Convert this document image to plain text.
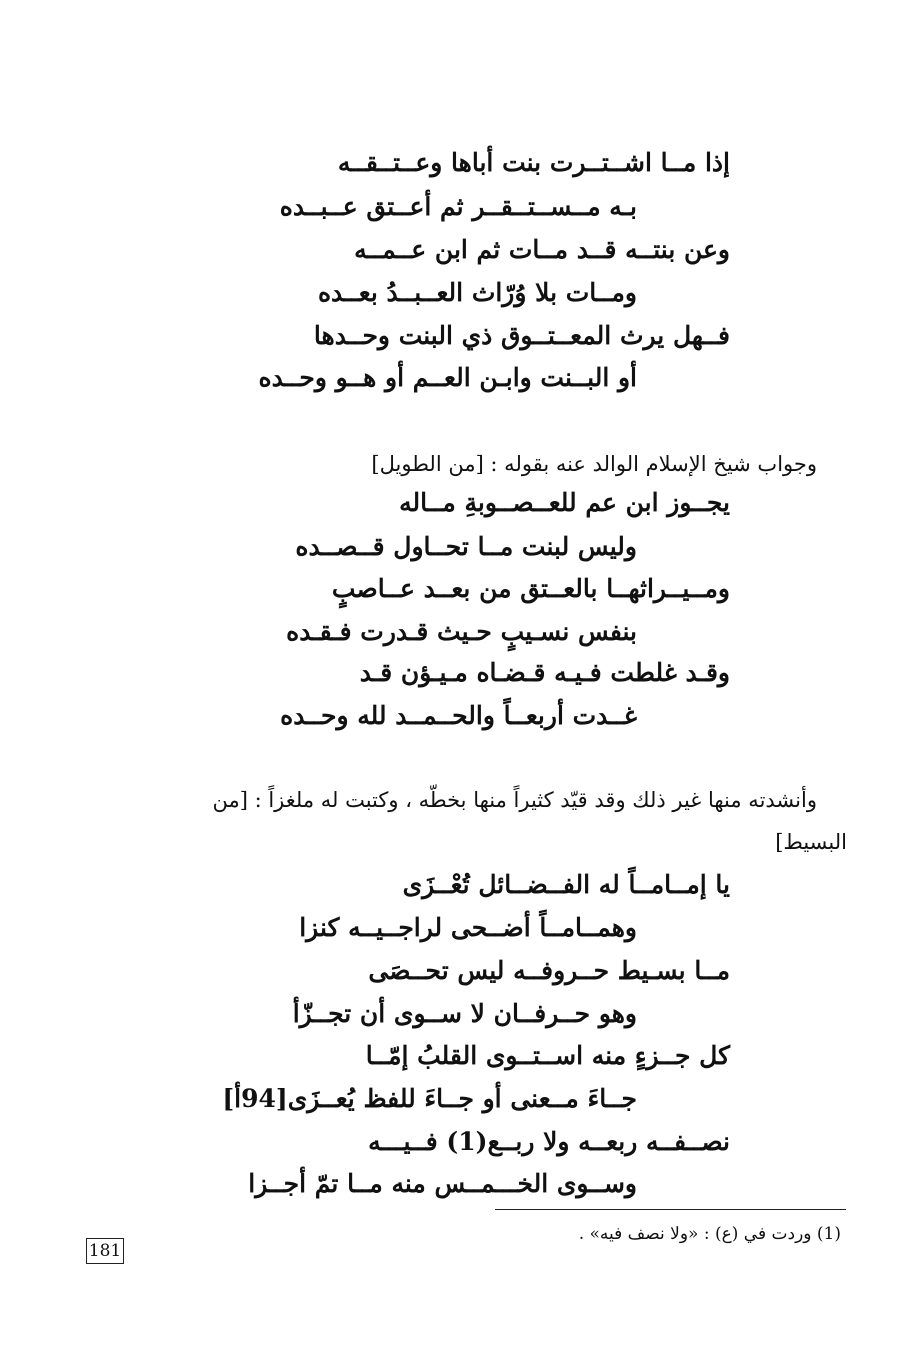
إذا مــا اشــتــرت بنت أباها وعــتــقــه
بـه مــســتــقــر ثم أعــتق عــبــده
وعن بنتــه قــد مــات ثم ابن عــمــه
ومــات بلا وُرّاث العــبــدُ بعــده
فــهل يرث المعــتــوق ذي البنت وحــدها
أو البــنت وابـن العــم أو هــو وحــده
وجواب شيخ الإسلام الوالد عنه بقوله : [من الطويل]
يجــوز ابن عم للعــصــوبةِ مــاله
وليس لبنت مــا تحــاول قــصــده
ومــيــراثهــا بالعــتق من بعــد عــاصبٍ
بنفس نسـيبٍ حـيث قـدرت فـقـده
وقـد غلطت فـيـه قـضـاه مـيـؤن قـد
غــدت أربعــاً والحــمــد لله وحــده
وأنشدته منها غير ذلك وقد قيّد كثيراً منها بخطّه ، وكتبت له ملغزاً : [من
البسيط]
يا إمــامــاً له الفــضــائل تُعْــزَى
وهمــامــاً أضــحى لراجــيــه كنزا
مــا بسـيط حــروفــه ليس تحــصَى
وهو حــرفــان لا ســوى أن تجــزّأ
كل جــزءٍ منه اســتــوى القلبُ إمّــا
جــاءَ مــعنى أو جــاءَ للفظ يُعــزَى[94أ]
نصــفــه ربعــه ولا ربــع(1) فــيـــه
وســوى الخـــمــس منه مــا تمّ أجــزا
(1) وردت في (ع) : «ولا نصف فيه» .
181
